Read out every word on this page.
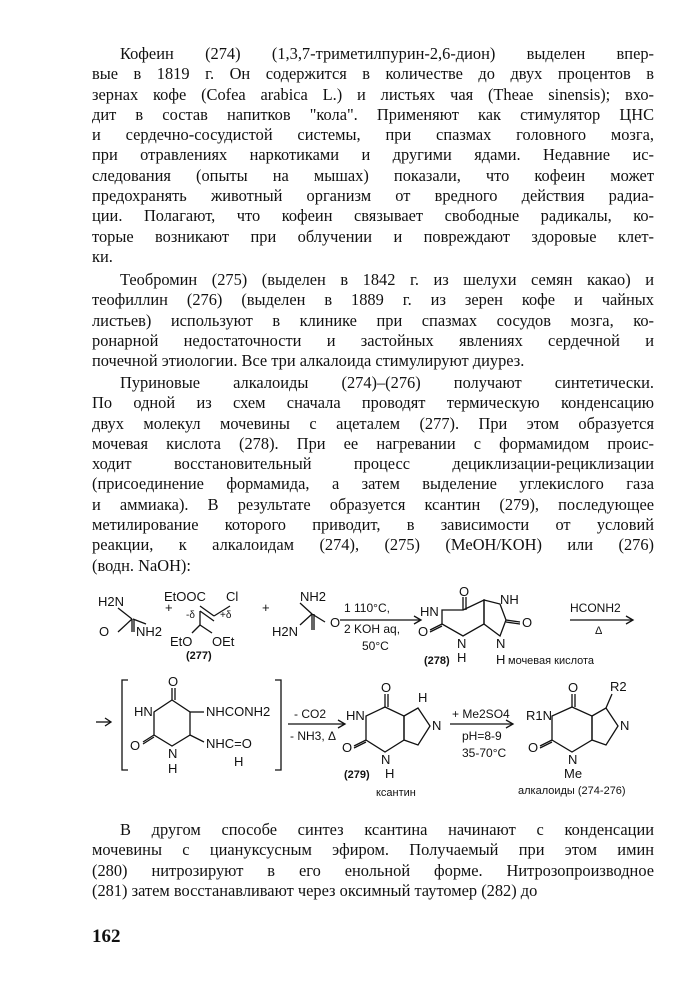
Кофеин (274) (1,3,7-триметилпурин-2,6-дион) выделен впер-
вые в 1819 г. Он содержится в количестве до двух процентов в
зернах кофе (Cofea arabica L.) и листьях чая (Theae sinensis); вхо-
дит в состав напитков "кола". Применяют как стимулятор ЦНС
и сердечно-сосудистой системы, при спазмах головного мозга,
при отравлениях наркотиками и другими ядами. Недавние ис-
следования (опыты на мышах) показали, что кофеин может
предохранять животный организм от вредного действия радиа-
ции. Полагают, что кофеин связывает свободные радикалы, ко-
торые возникают при облучении и повреждают здоровые клет-
ки.
Теобромин (275) (выделен в 1842 г. из шелухи семян какао) и
теофиллин (276) (выделен в 1889 г. из зерен кофе и чайных
листьев) используют в клинике при спазмах сосудов мозга, ко-
ронарной недостаточности и застойных явлениях сердечной и
почечной этиологии. Все три алкалоида стимулируют диурез.
Пуриновые алкалоиды (274)–(276) получают синтетически.
По одной из схем сначала проводят термическую конденсацию
двух молекул мочевины с ацеталем (277). При этом образуется
мочевая кислота (278). При ее нагревании с формамидом проис-
ходит восстановительный процесс дециклизации-рециклизации
(присоединение формамида, а затем выделение углекислого газа
и аммиака). В результате образуется ксантин (279), последующее
метилирование которого приводит, в зависимости от условий
реакции, к алкалоидам (274), (275) (MeOH/KOH) или (276)
(водн. NaOH):
H2N
O NH2
+
EtOOC Cl
-δ	+δ
EtO OEt
(277)
+
NH2
H2N
O
1 110°C,
2 KOH aq,
50°C
O
NH
HN
O
O
N N
H H
(278)	мочевая кислота
HCONH2
Δ
O
HN	NHCONH2
O
N
H
NHC=O
H
- CO2
- NH3, Δ
O
H
HN
N
O
N
(279) H
ксантин
+ Me2SO4
pH=8-9
35-70°C
O R2
R1N
N
O
N
Me
алкалоиды (274-276)
В другом способе синтез ксантина начинают с конденсации
мочевины с циануксусным эфиром. Получаемый при этом имин
(280) нитрозируют в его енольной форме. Нитрозопроизводное
(281) затем восстанавливают через оксимный таутомер (282) до
162
